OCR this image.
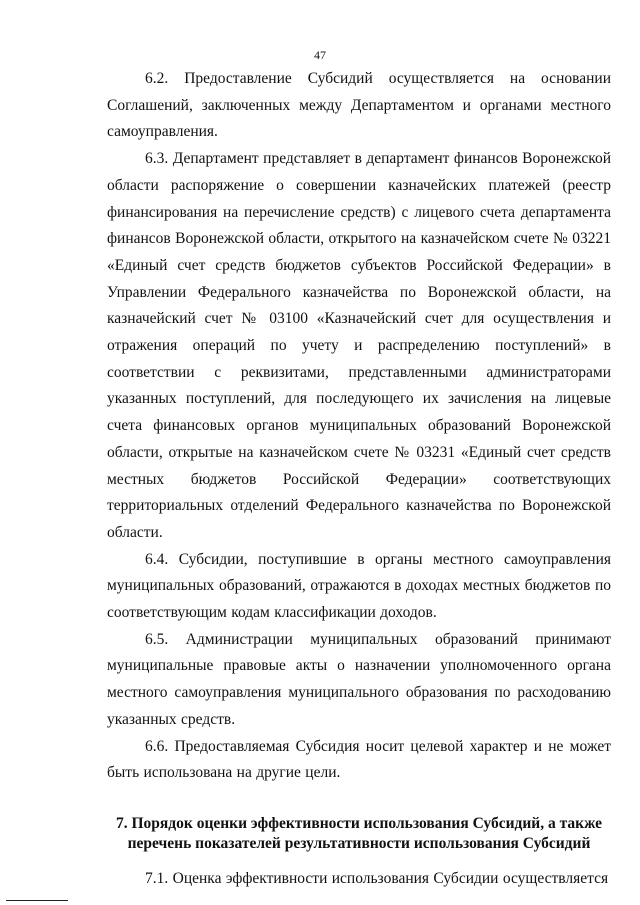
47

6.2. Предоставление Субсидий осуществляется на основании Соглашений, заключенных между Департаментом и органами местного самоуправления.

6.3. Департамент представляет в департамент финансов Воронежской области распоряжение о совершении казначейских платежей (реестр финансирования на перечисление средств) с лицевого счета департамента финансов Воронежской области, открытого на казначейском счете № 03221 «Единый счет средств бюджетов субъектов Российской Федерации» в Управлении Федерального казначейства по Воронежской области, на казначейский счет № 03100 «Казначейский счет для осуществления и отражения операций по учету и распределению поступлений» в соответствии с реквизитами, представленными администраторами указанных поступлений, для последующего их зачисления на лицевые счета финансовых органов муниципальных образований Воронежской области, открытые на казначейском счете № 03231 «Единый счет средств местных бюджетов Российской Федерации» соответствующих территориальных отделений Федерального казначейства по Воронежской области.

6.4. Субсидии, поступившие в органы местного самоуправления муниципальных образований, отражаются в доходах местных бюджетов по соответствующим кодам классификации доходов.

6.5. Администрации муниципальных образований принимают муниципальные правовые акты о назначении уполномоченного органа местного самоуправления муниципального образования по расходованию указанных средств.

6.6. Предоставляемая Субсидия носит целевой характер и не может быть использована на другие цели.

7. Порядок оценки эффективности использования Субсидий, а также
перечень показателей результативности использования Субсидий

7.1. Оценка эффективности использования Субсидии осуществляется
